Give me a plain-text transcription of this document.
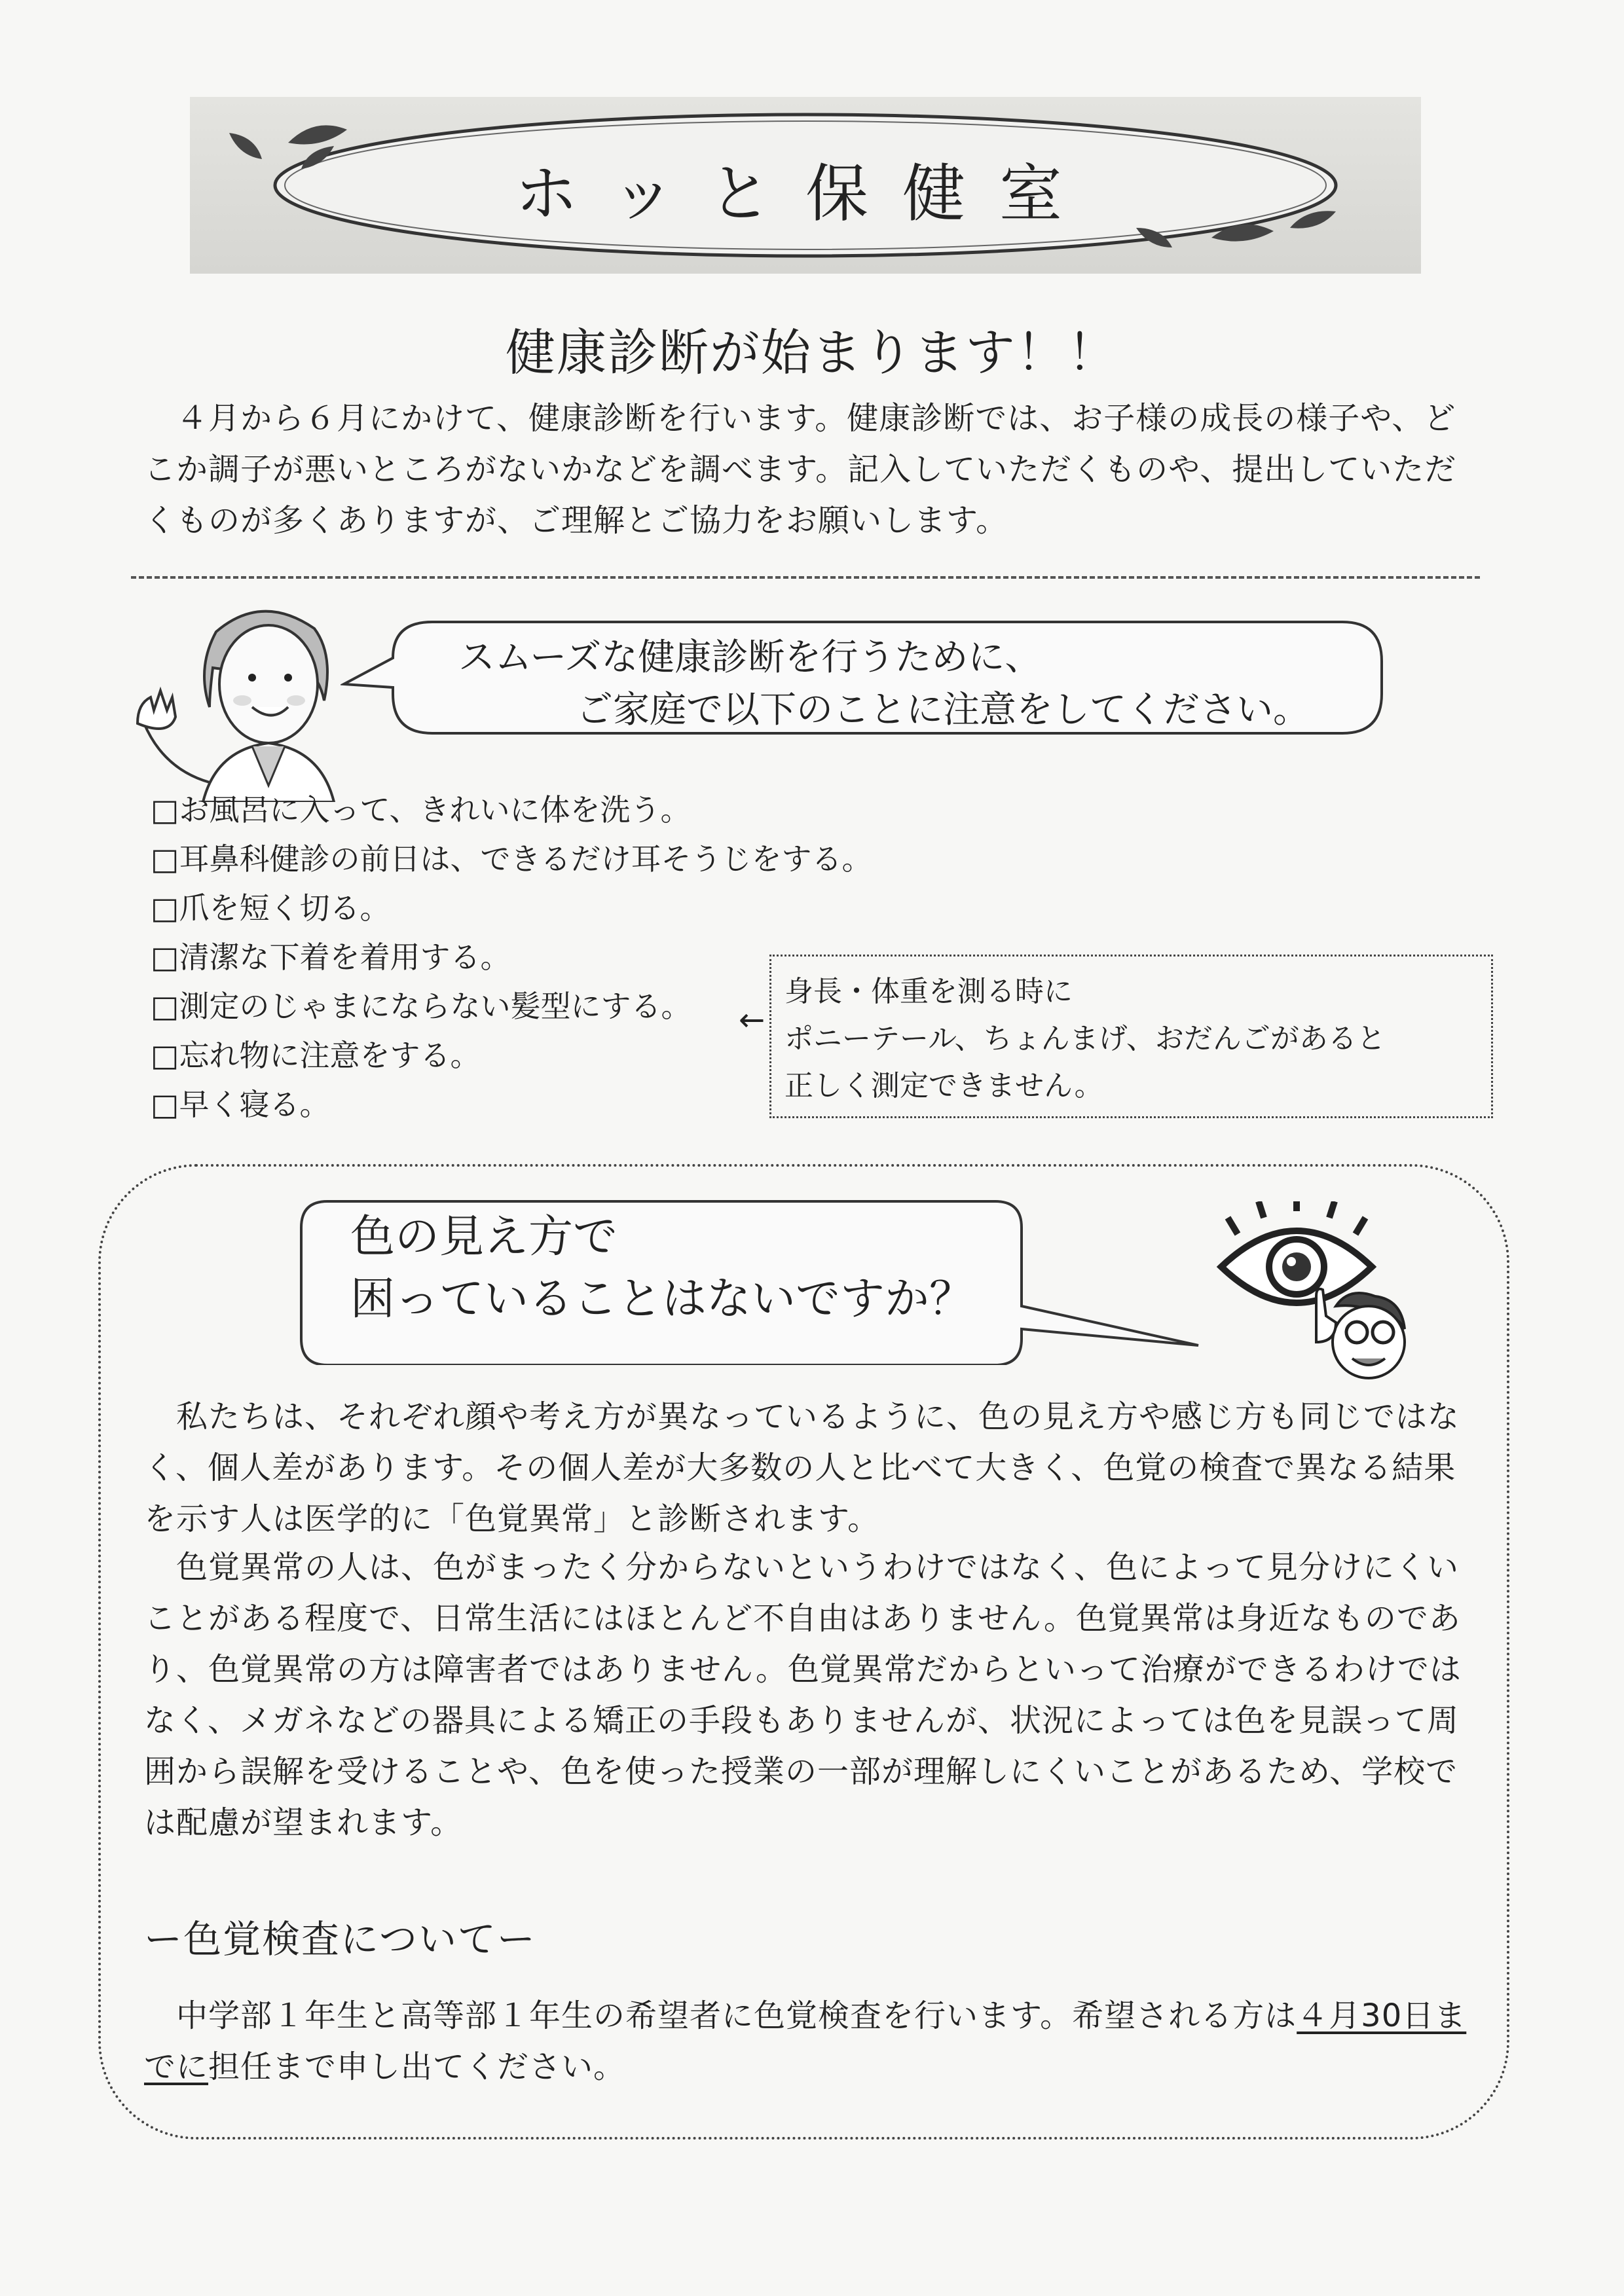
ホッと保健室
健康診断が始まります！！
　４月から６月にかけて、健康診断を行います。健康診断では、お子様の成長の様子や、どこか調子が悪いところがないかなどを調べます。記入していただくものや、提出していただくものが多くありますが、ご理解とご協力をお願いします。
スムーズな健康診断を行うために、
ご家庭で以下のことに注意をしてください。
□お風呂に入って、きれいに体を洗う。
□耳鼻科健診の前日は、できるだけ耳そうじをする。
□爪を短く切る。
□清潔な下着を着用する。
□測定のじゃまにならない髪型にする。
□忘れ物に注意をする。
□早く寝る。
←
身長・体重を測る時に
ポニーテール、ちょんまげ、おだんごがあると
正しく測定できません。
色の見え方で
困っていることはないですか？
　私たちは、それぞれ顔や考え方が異なっているように、色の見え方や感じ方も同じではなく、個人差があります。その個人差が大多数の人と比べて大きく、色覚の検査で異なる結果を示す人は医学的に「色覚異常」と診断されます。
　色覚異常の人は、色がまったく分からないというわけではなく、色によって見分けにくいことがある程度で、日常生活にはほとんど不自由はありません。色覚異常は身近なものであり、色覚異常の方は障害者ではありません。色覚異常だからといって治療ができるわけではなく、メガネなどの器具による矯正の手段もありませんが、状況によっては色を見誤って周囲から誤解を受けることや、色を使った授業の一部が理解しにくいことがあるため、学校では配慮が望まれます。
ー色覚検査についてー
　中学部１年生と高等部１年生の希望者に色覚検査を行います。希望される方は４月30日までに担任まで申し出てください。
